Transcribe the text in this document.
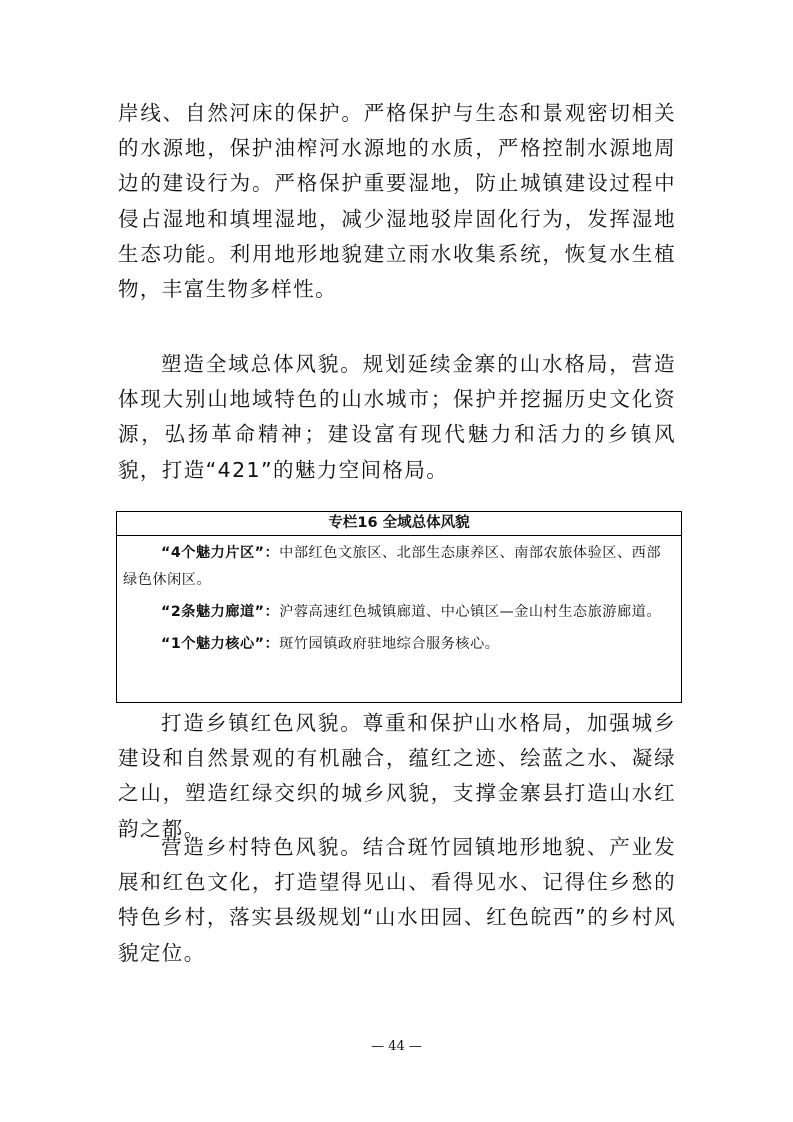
岸线、自然河床的保护。严格保护与生态和景观密切相关的水源地，保护油榨河水源地的水质，严格控制水源地周边的建设行为。严格保护重要湿地，防止城镇建设过程中侵占湿地和填埋湿地，减少湿地驳岸固化行为，发挥湿地生态功能。利用地形地貌建立雨水收集系统，恢复水生植物，丰富生物多样性。

塑造全域总体风貌。规划延续金寨的山水格局，营造体现大别山地域特色的山水城市；保护并挖掘历史文化资源，弘扬革命精神；建设富有现代魅力和活力的乡镇风貌，打造“421”的魅力空间格局。

专栏16 全域总体风貌

“4个魅力片区”：中部红色文旅区、北部生态康养区、南部农旅体验区、西部绿色休闲区。

“2条魅力廊道”：沪蓉高速红色城镇廊道、中心镇区—金山村生态旅游廊道。

“1个魅力核心”：斑竹园镇政府驻地综合服务核心。

打造乡镇红色风貌。尊重和保护山水格局，加强城乡建设和自然景观的有机融合，蕴红之迹、绘蓝之水、凝绿之山，塑造红绿交织的城乡风貌，支撑金寨县打造山水红韵之都。

营造乡村特色风貌。结合斑竹园镇地形地貌、产业发展和红色文化，打造望得见山、看得见水、记得住乡愁的特色乡村，落实县级规划“山水田园、红色皖西”的乡村风貌定位。

— 44 —
